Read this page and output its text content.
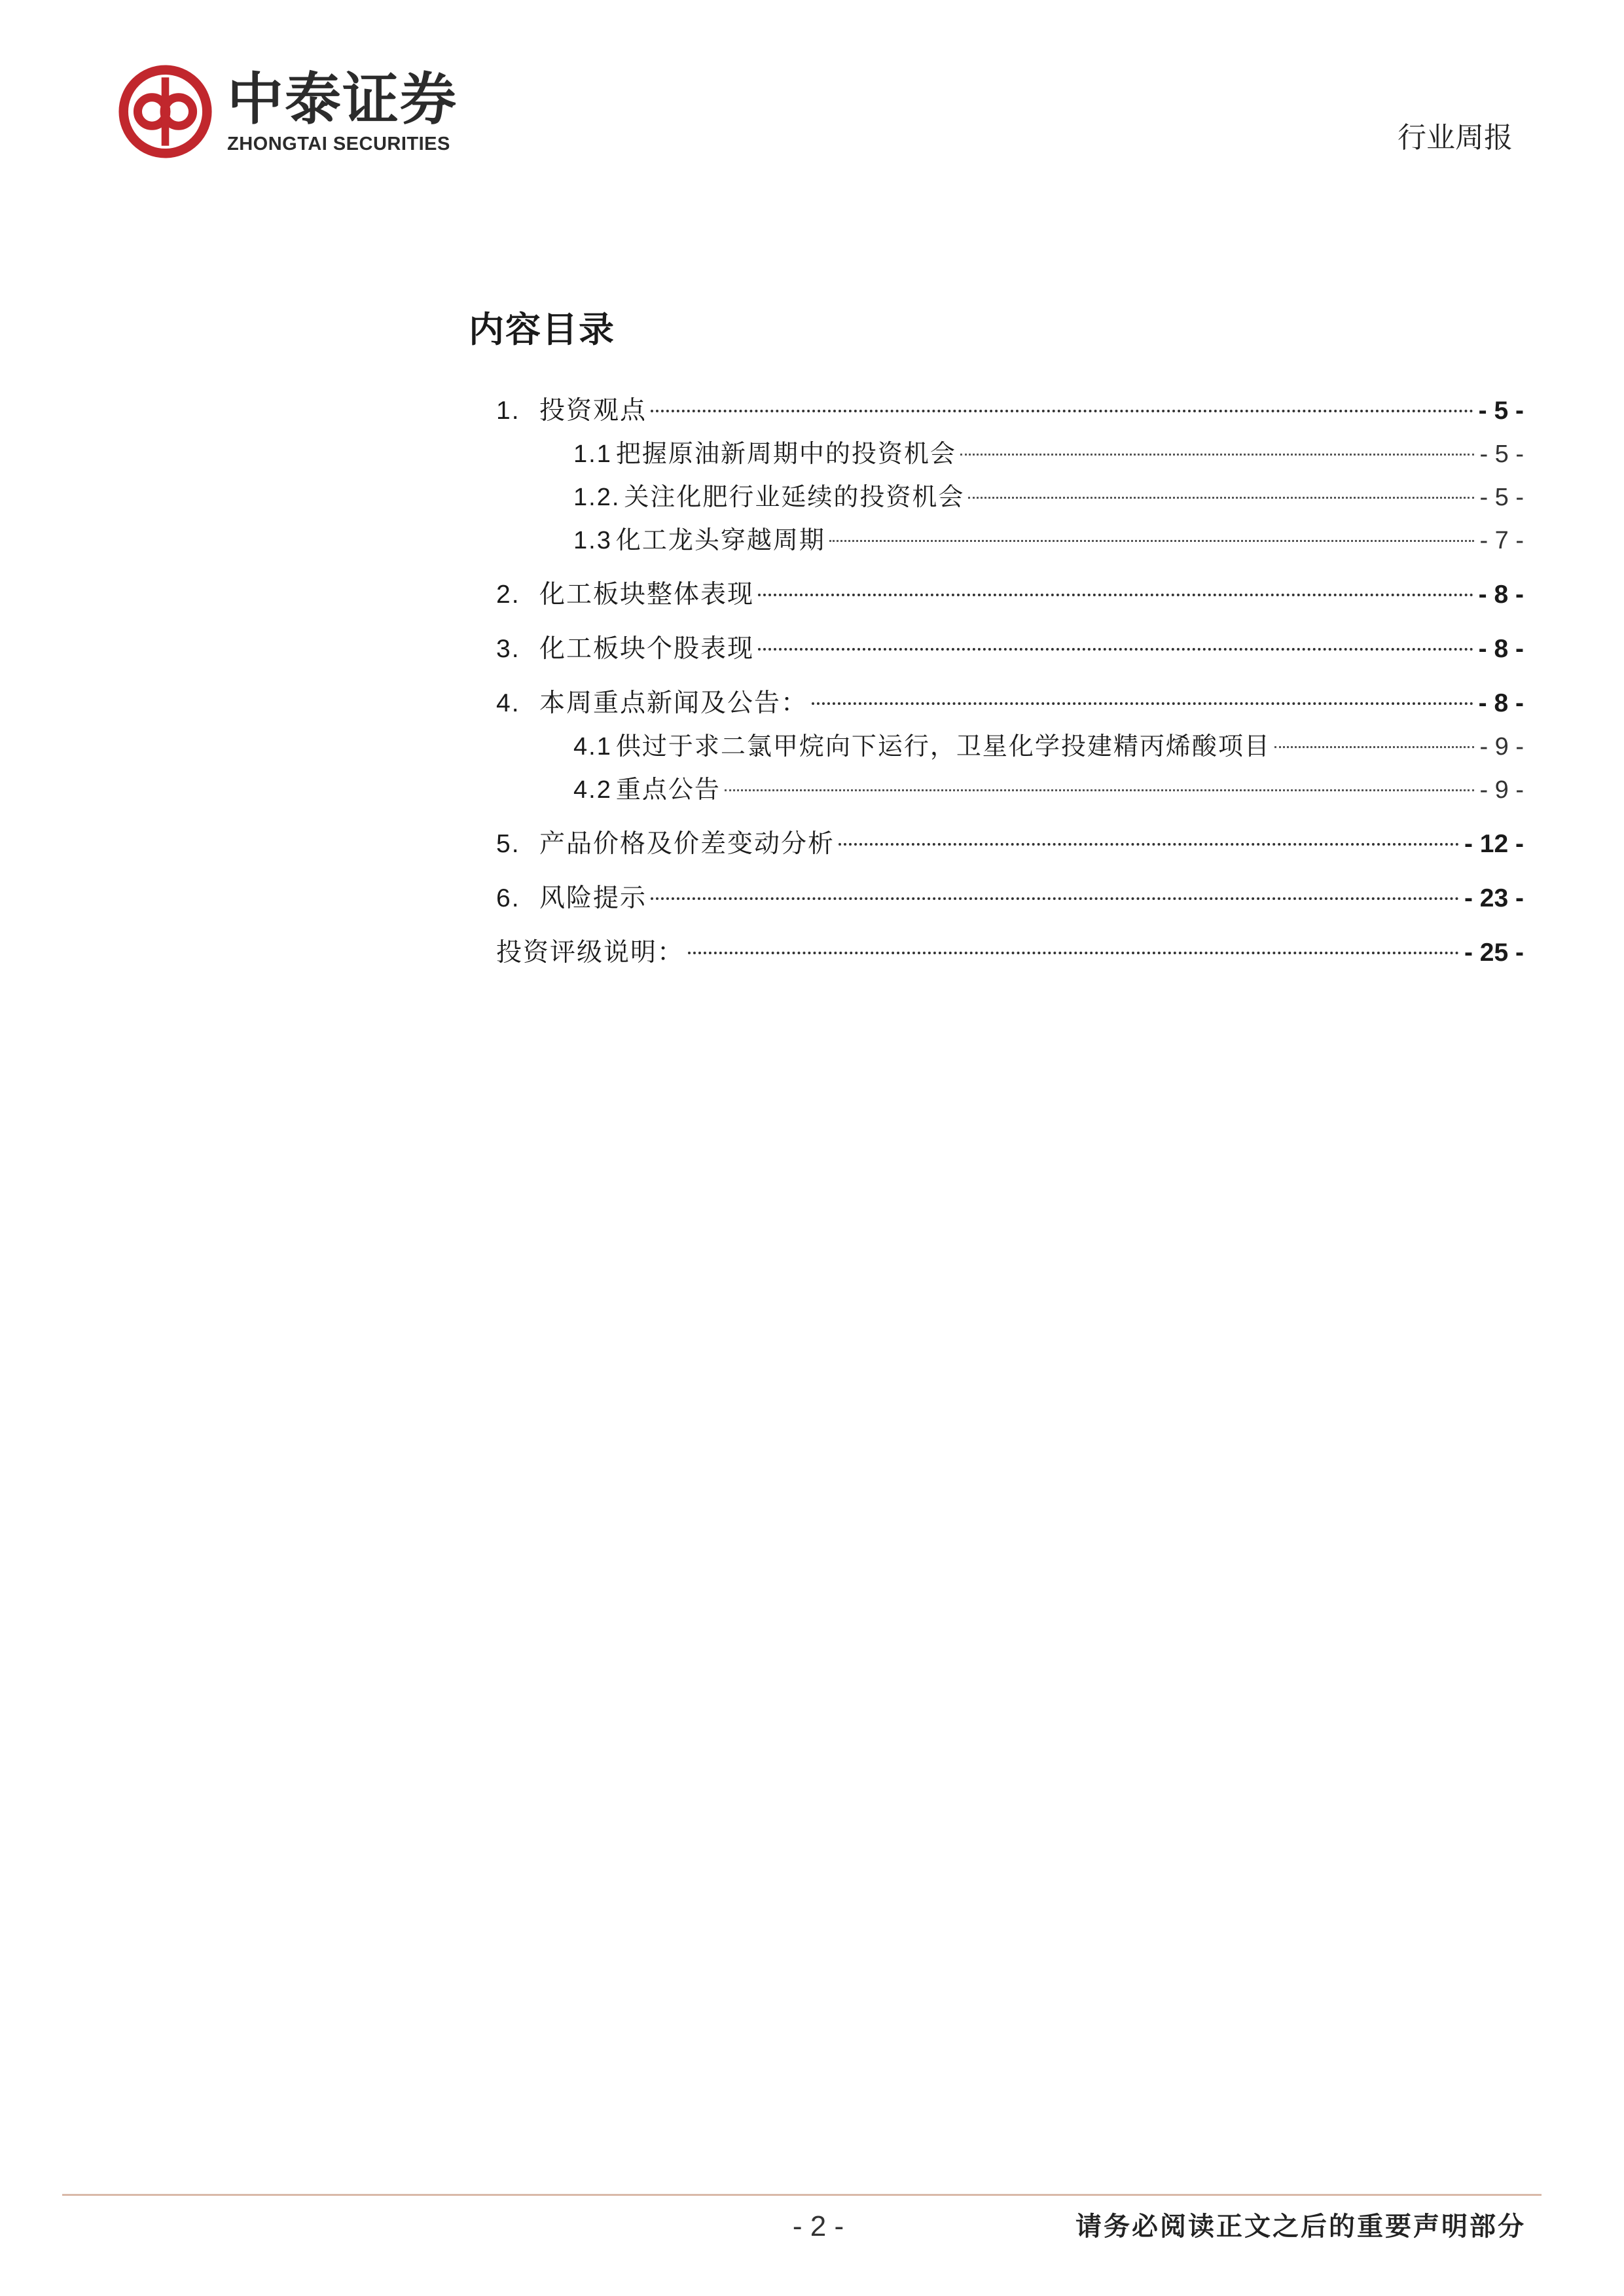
中泰证券
ZHONGTAI SECURITIES	行业周报
内容目录
1. 投资观点	- 5 -
1.1 把握原油新周期中的投资机会	- 5 -
1.2. 关注化肥行业延续的投资机会	- 5 -
1.3 化工龙头穿越周期	- 7 -
2. 化工板块整体表现	- 8 -
3. 化工板块个股表现	- 8 -
4. 本周重点新闻及公告：	- 8 -
4.1 供过于求二氯甲烷向下运行，卫星化学投建精丙烯酸项目	- 9 -
4.2 重点公告	- 9 -
5. 产品价格及价差变动分析	- 12 -
6. 风险提示	- 23 -
投资评级说明：	- 25 -
- 2 -	请务必阅读正文之后的重要声明部分
